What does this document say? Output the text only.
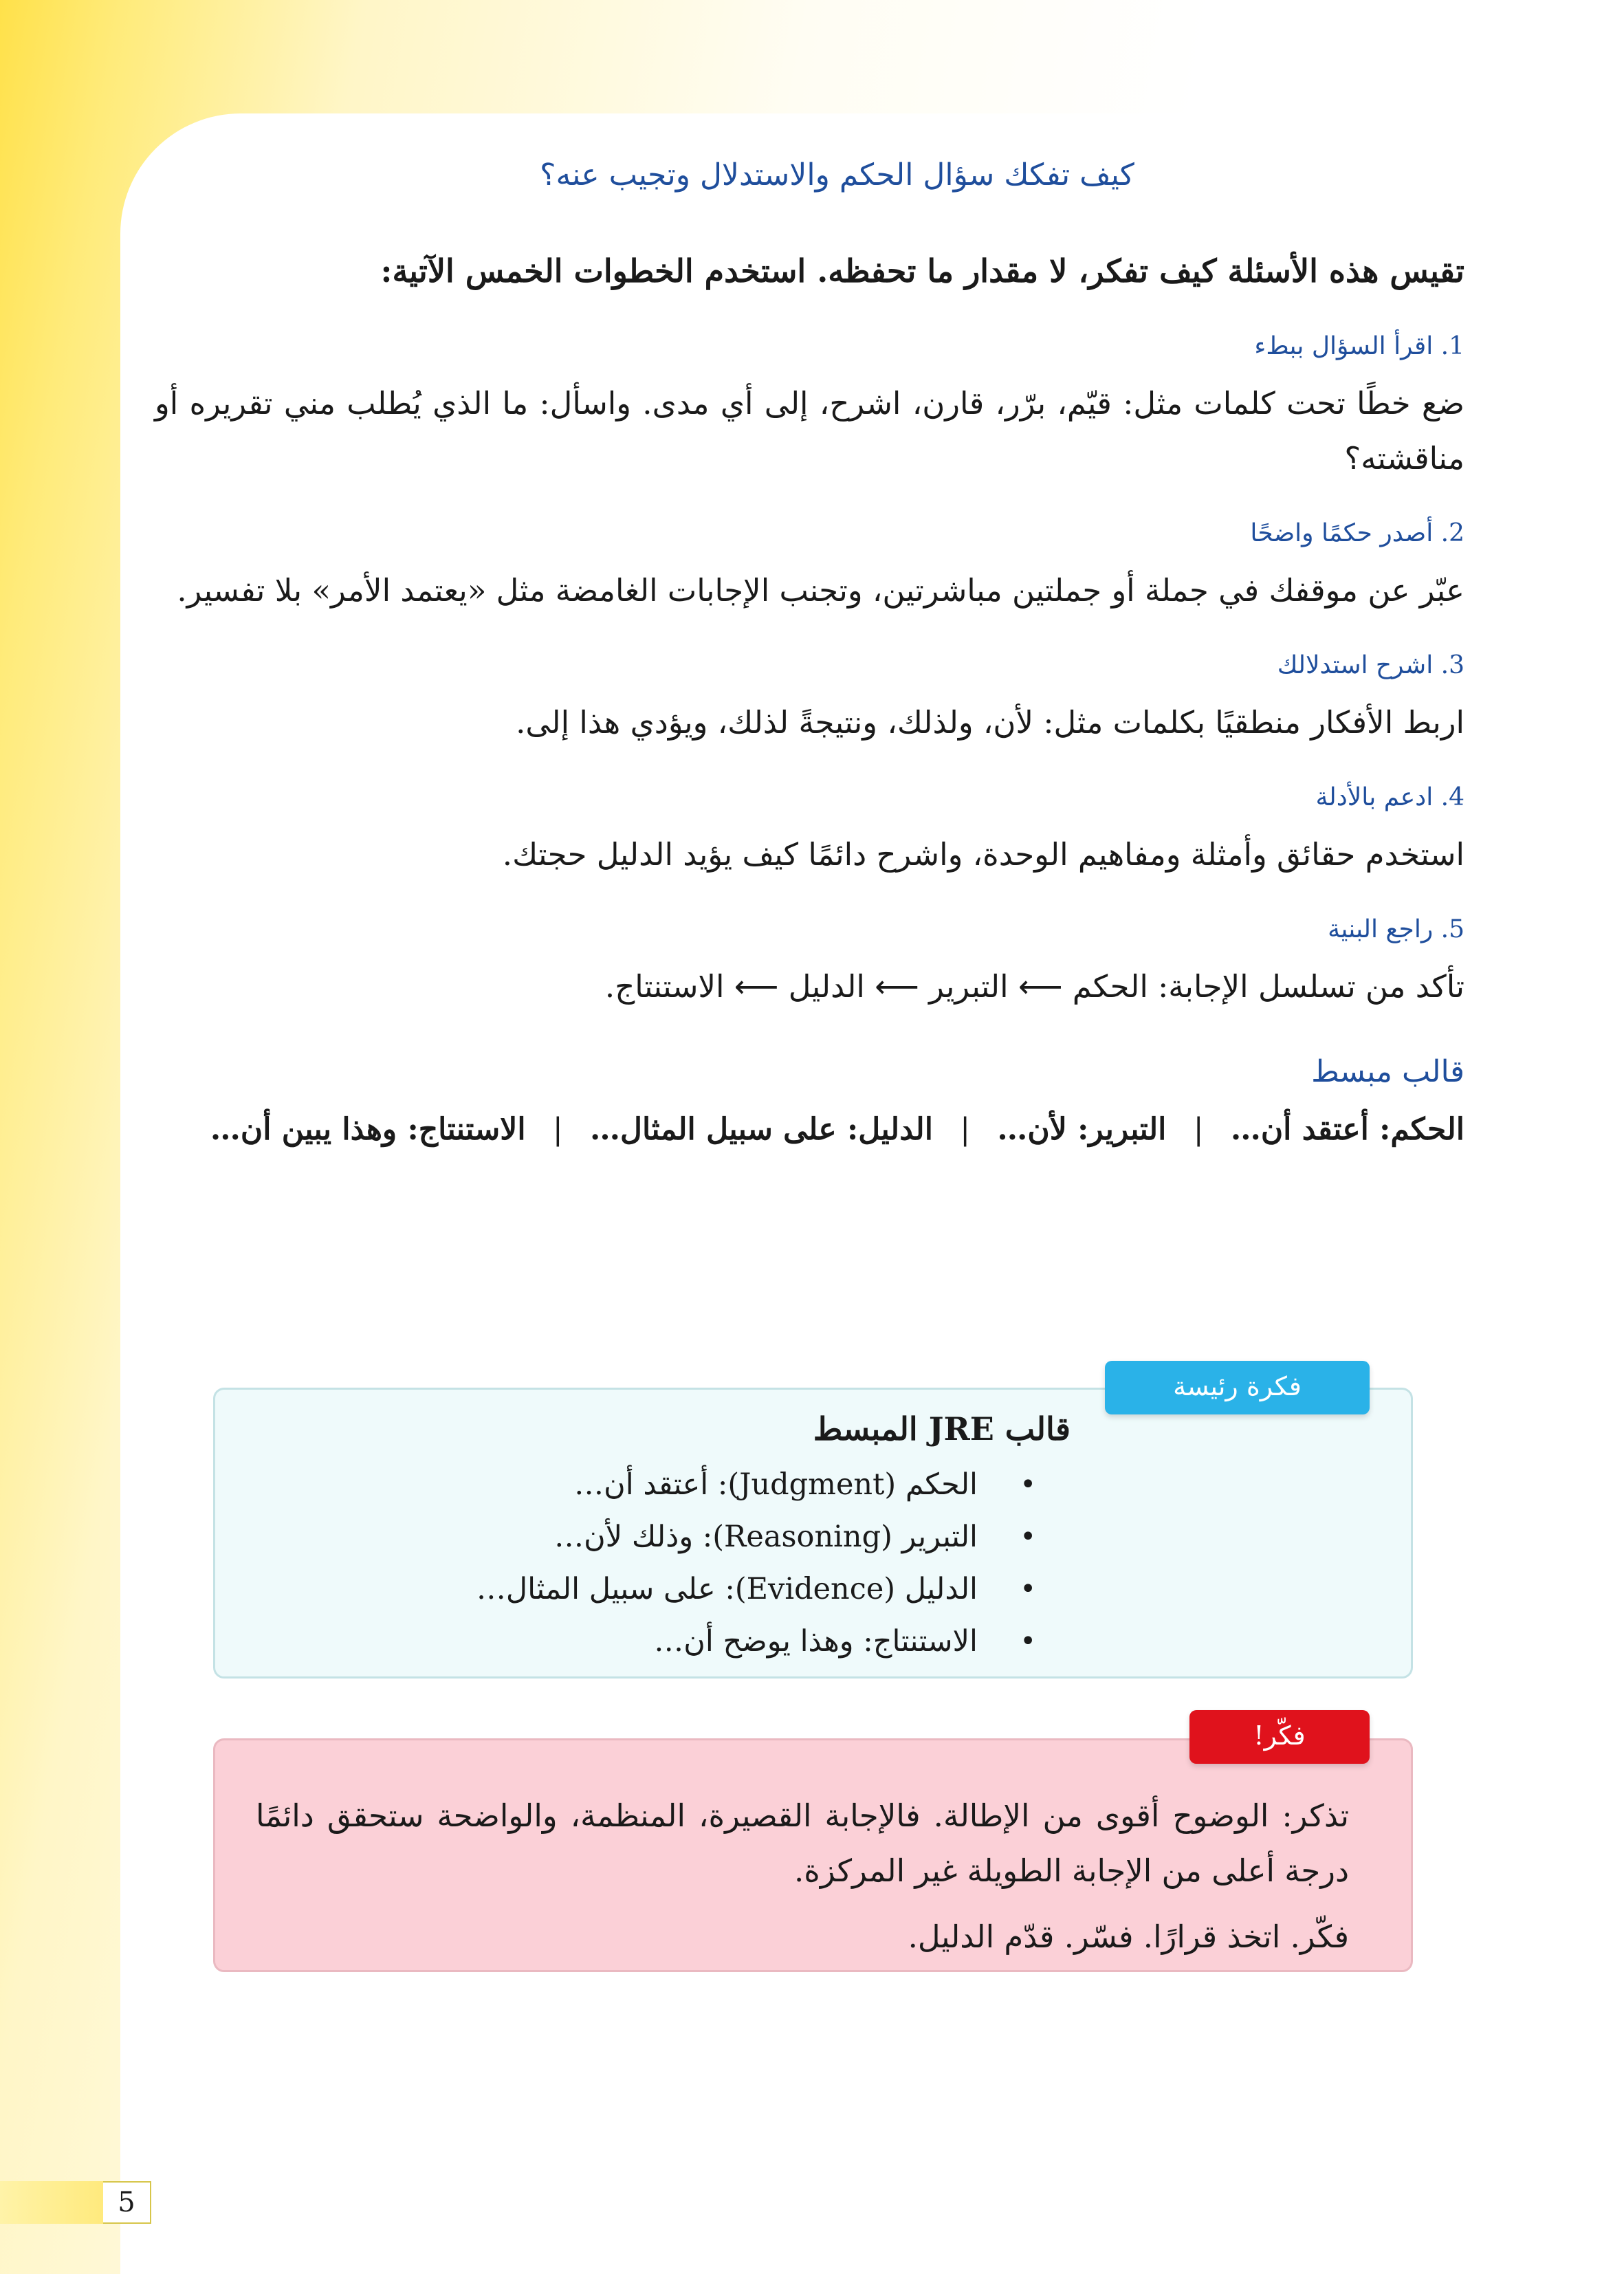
كيف تفكك سؤال الحكم والاستدلال وتجيب عنه؟
تقيس هذه الأسئلة كيف تفكر، لا مقدار ما تحفظه. استخدم الخطوات الخمس الآتية:
1. اقرأ السؤال ببطء
ضع خطًا تحت كلمات مثل: قيّم، برّر، قارن، اشرح، إلى أي مدى. واسأل: ما الذي يُطلب مني تقريره أو مناقشته؟
2. أصدر حكمًا واضحًا
عبّر عن موقفك في جملة أو جملتين مباشرتين، وتجنب الإجابات الغامضة مثل «يعتمد الأمر» بلا تفسير.
3. اشرح استدلالك
اربط الأفكار منطقيًا بكلمات مثل: لأن، ولذلك، ونتيجةً لذلك، ويؤدي هذا إلى.
4. ادعم بالأدلة
استخدم حقائق وأمثلة ومفاهيم الوحدة، واشرح دائمًا كيف يؤيد الدليل حجتك.
5. راجع البنية
تأكد من تسلسل الإجابة: الحكم ⟵ التبرير ⟵ الدليل ⟵ الاستنتاج.
قالب مبسط
الحكم: أعتقد أن… | التبرير: لأن… | الدليل: على سبيل المثال… | الاستنتاج: وهذا يبين أن…
فكرة رئيسة
قالب JRE المبسط
•
الحكم (Judgment): أعتقد أن…
•
التبرير (Reasoning): وذلك لأن…
•
الدليل (Evidence): على سبيل المثال…
•
الاستنتاج: وهذا يوضح أن…
فكّر!

تذكر: الوضوح أقوى من الإطالة. فالإجابة القصيرة، المنظمة، والواضحة ستحقق دائمًا درجة أعلى من الإجابة الطويلة غير المركزة.

فكّر. اتخذ قرارًا. فسّر. قدّم الدليل.

5
